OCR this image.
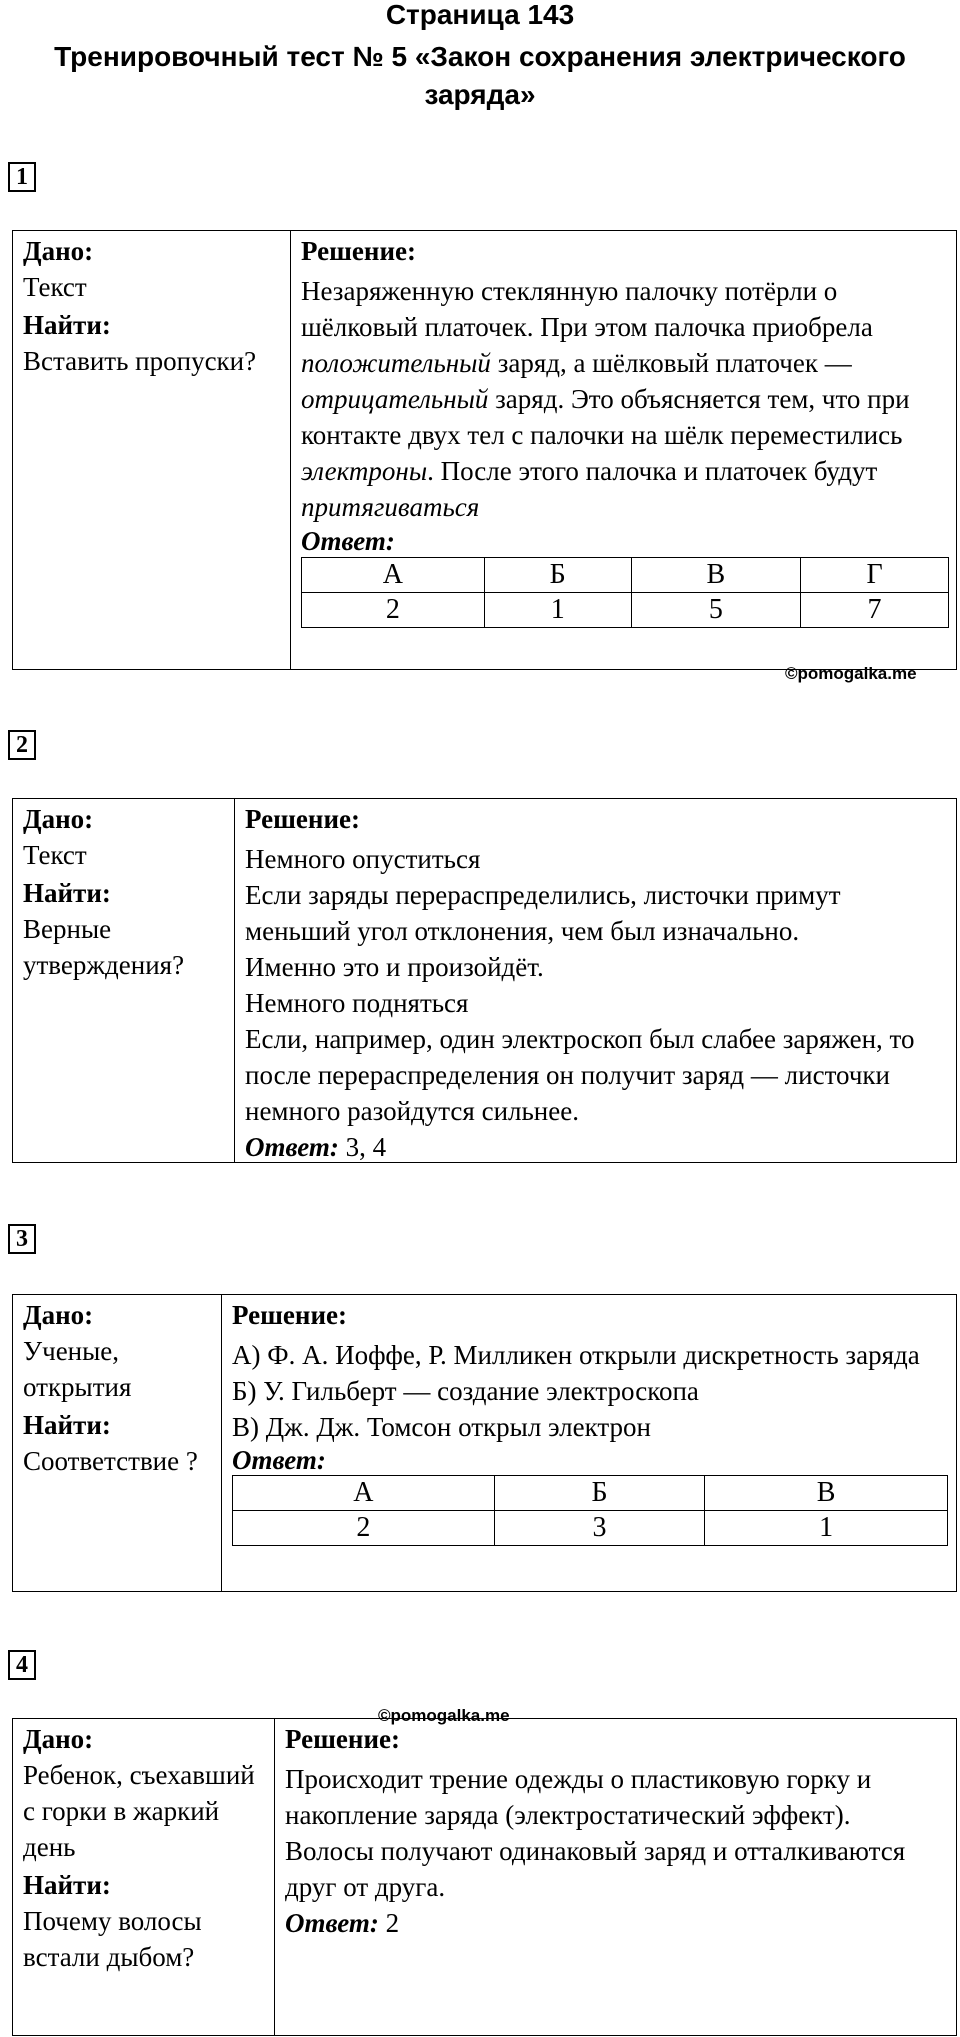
Страница 143
Тренировочный тест № 5 «Закон сохранения электрического
заряда»
1
Дано:
Текст
Найти:
Вставить пропуски?
Решение:
Незаряженную стеклянную палочку потёрли о шёлковый платочек. При этом палочка приобрела положительный заряд, а шёлковый платочек — отрицательный заряд. Это объясняется тем, что при контакте двух тел с палочки на шёлк переместились электроны. После этого палочка и платочек будут притягиваться
Ответ:
А	Б	В	Г
2	1	5	7
©pomogalka.me
2
Дано:
Текст
Найти:
Верные утверждения?
Решение:
Немного опуститься
Если заряды перераспределились, листочки примут меньший угол отклонения, чем был изначально.
Именно это и произойдёт.
Немного подняться
Если, например, один электроскоп был слабее заряжен, то после перераспределения он получит заряд — листочки немного разойдутся сильнее.
Ответ: 3, 4
3
Дано:
Ученые, открытия
Найти:
Соответствие ?
Решение:
А) Ф. А. Иоффе, Р. Милликен открыли дискретность заряда
Б) У. Гильберт — создание электроскопа
В) Дж. Дж. Томсон открыл электрон
Ответ:
А	Б	В
2	3	1
4
Дано:
Ребенок, съехавший с горки в жаркий день
Найти:
Почему волосы встали дыбом?
Решение:
Происходит трение одежды о пластиковую горку и накопление заряда (электростатический эффект).
Волосы получают одинаковый заряд и отталкиваются друг от друга.
Ответ: 2
©pomogalka.me
